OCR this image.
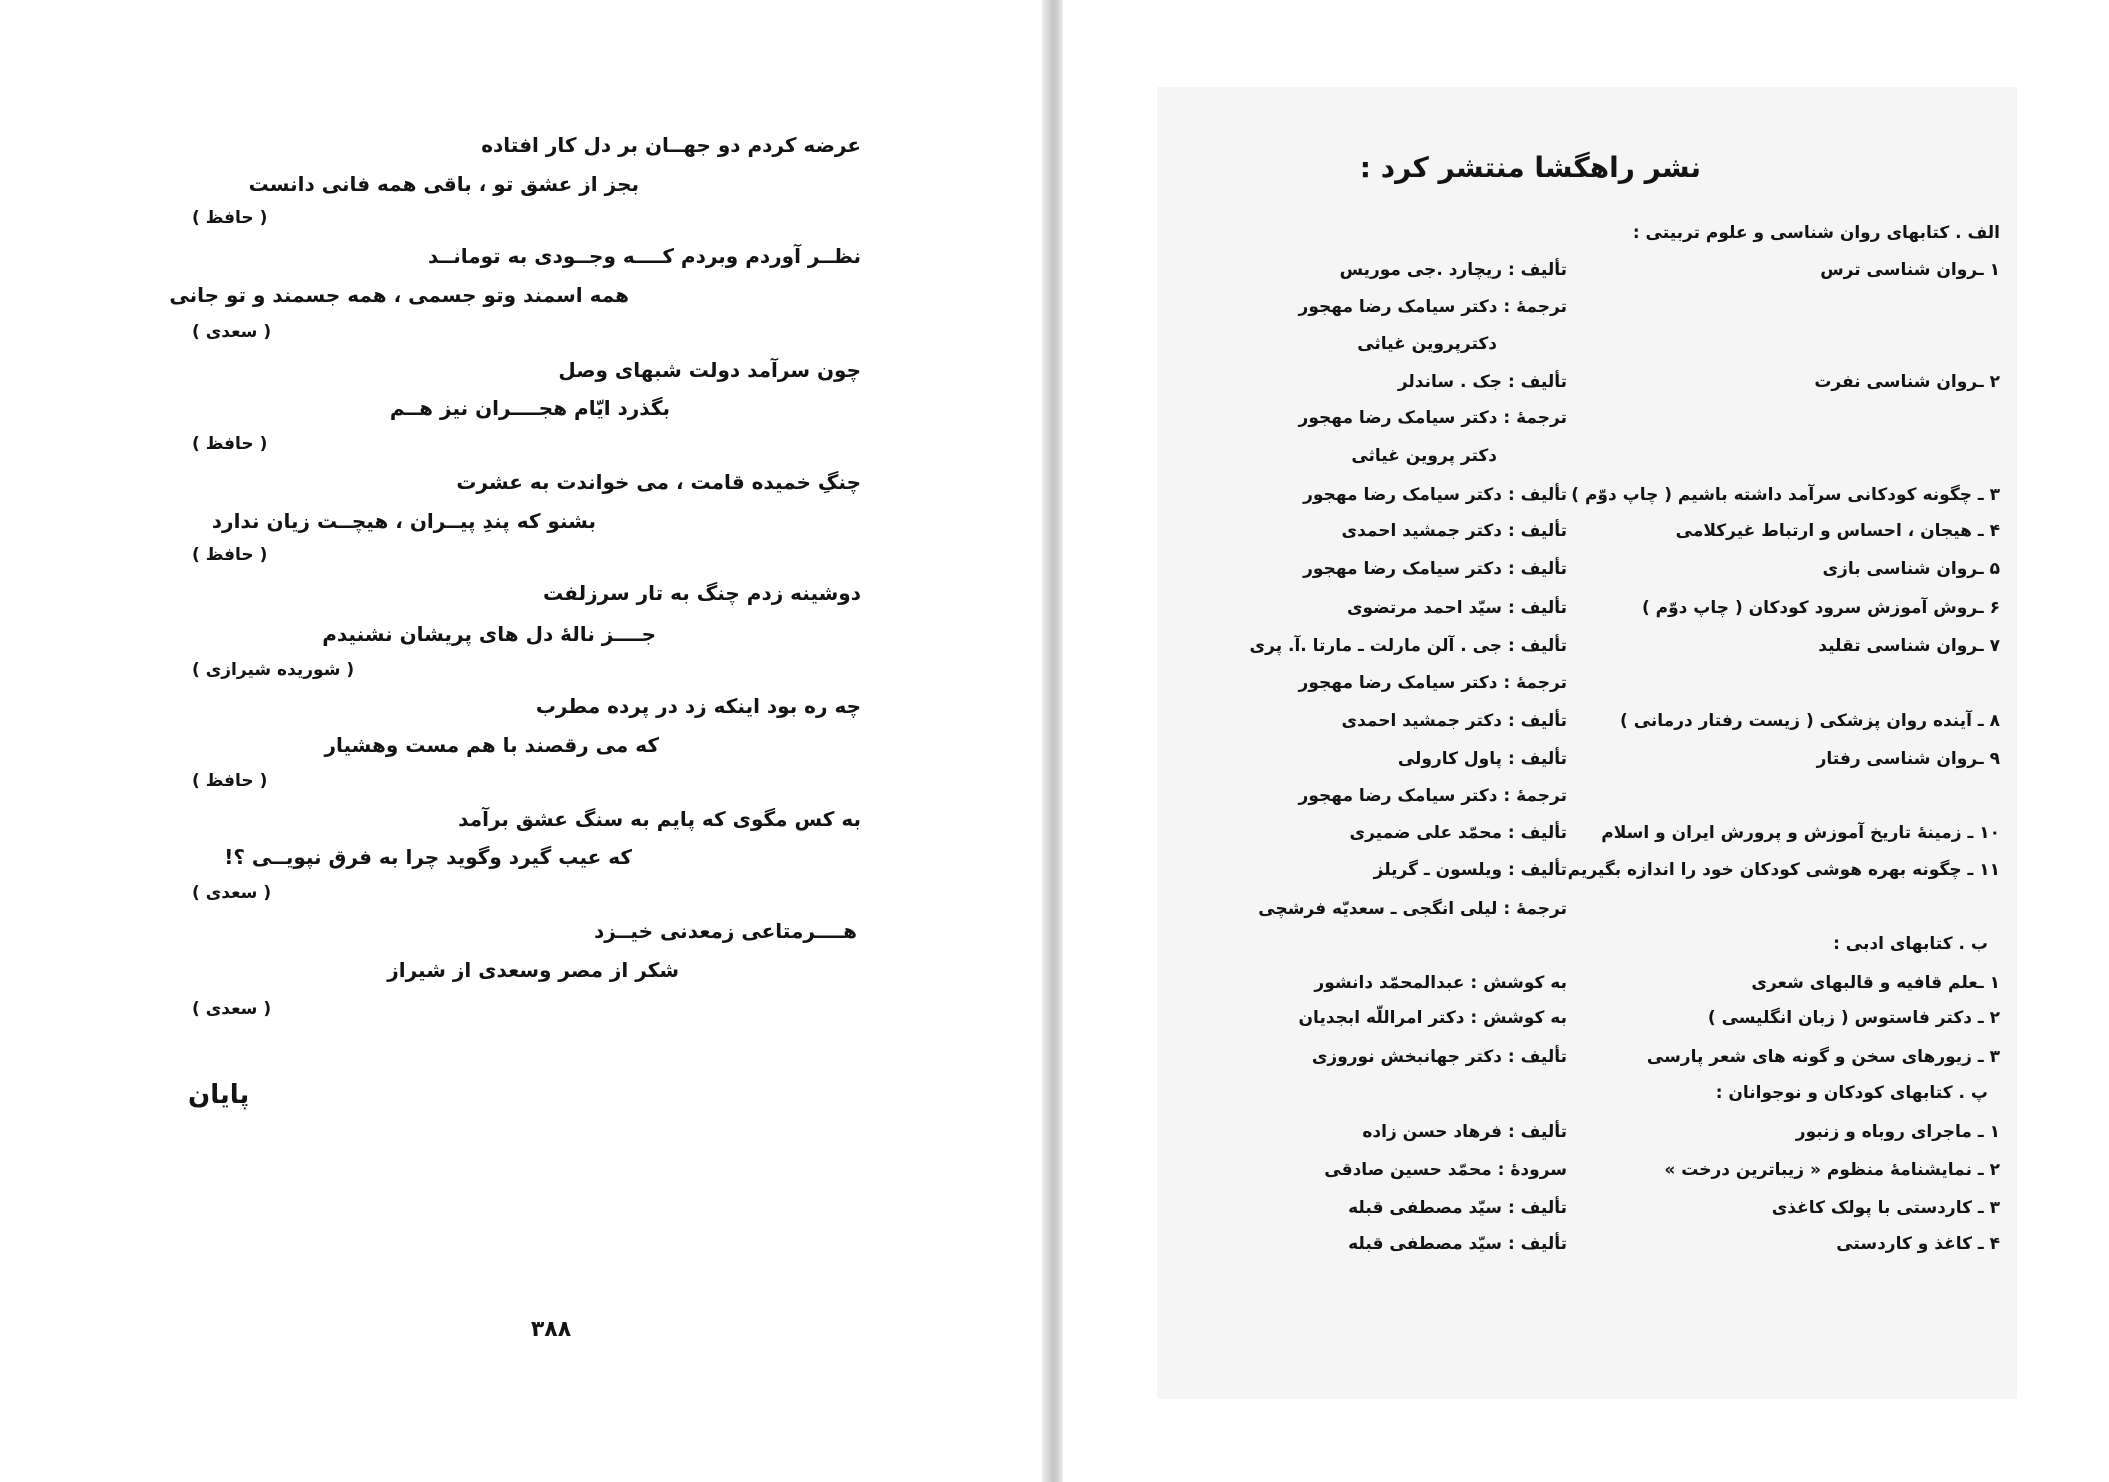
عرضه کردم دو جهــان بر دل کار افتاده
بجز از عشق تو ، باقی همه فانی دانست
( حافظ )
نظــر آوردم وبردم کــــه وجــودی به تومانــد
همه اسمند وتو جسمی ، همه جسمند و تو جانی
( سعدی )
چون سرآمد دولت شبهای وصل
بگذرد ایّام هجــــران نیز هــم
( حافظ )
چنگِ خمیده قامت ، می خواندت به عشرت
بشنو که پندِ پیــران ، هیچــت زیان ندارد
( حافظ )
دوشینه زدم چنگ به تار سرزلفت
جــــز نالهٔ دل های پریشان نشنیدم
( شوریده شیرازی )
چه ره بود اینکه زد در پرده مطرب
که می رقصند با هم مست وهشیار
( حافظ )
به کس مگوی که پایم به سنگ عشق برآمد
که عیب گیرد وگوید چرا به فرق نپویــی ؟!
( سعدی )
هــــرمتاعی زمعدنی خیــزد
شکر از مصر وسعدی از شیراز
( سعدی )
پایان
۳۸۸
نشر راهگشا منتشر کرد :
الف . کتابهای روان شناسی و علوم تربیتی :
۱ ـروان شناسی ترس
تألیف : ریچارد .جی موریس
ترجمهٔ : دکتر سیامک رضا مهجور
دکترپروین غیاثی
۲ ـروان شناسی نفرت
تألیف : جک . ساندلر
ترجمهٔ : دکتر سیامک رضا مهجور
دکتر پروین غیاثی
۳ ـ چگونه کودکانی سرآمد داشته باشیم ( چاپ دوّم )
تألیف : دکتر سیامک رضا مهجور
۴ ـ هیجان ، احساس و ارتباط غیرکلامی
تألیف : دکتر جمشید احمدی
۵ ـروان شناسی بازی
تألیف : دکتر سیامک رضا مهجور
۶ ـروش آموزش سرود کودکان ( چاپ دوّم )
تألیف : سیّد احمد مرتضوی
۷ ـروان شناسی تقلید
تألیف : جی . آلن مارلت ـ مارتا .آ. پری
ترجمهٔ : دکتر سیامک رضا مهجور
۸ ـ آینده روان پزشکی ( زیست رفتار درمانی )
تألیف : دکتر جمشید احمدی
۹ ـروان شناسی رفتار
تألیف : پاول کارولی
ترجمهٔ : دکتر سیامک رضا مهجور
۱۰ ـ زمینهٔ تاریخ آموزش و پرورش ایران و اسلام
تألیف : محمّد علی ضمیری
۱۱ ـ چگونه بهره هوشی کودکان خود را اندازه بگیریم
تألیف : ویلسون ـ گریلز
ترجمهٔ : لیلی انگجی ـ سعدیّه فرشچی
ب . کتابهای ادبی :
۱ ـعلم قافیه و قالبهای شعری
به کوشش : عبدالمحمّد دانشور
۲ ـ دکتر فاستوس ( زبان انگلیسی )
به کوشش : دکتر امراللّه ابجدیان
۳ ـ زیورهای سخن و گونه های شعر پارسی
تألیف : دکتر جهانبخش نوروزی
پ . کتابهای کودکان و نوجوانان :
۱ ـ ماجرای روباه و زنبور
تألیف : فرهاد حسن زاده
۲ ـ نمایشنامهٔ منظوم « زیباترین درخت »
سرودهٔ : محمّد حسین صادقی
۳ ـ کاردستی با پولک کاغذی
تألیف : سیّد مصطفی قبله
۴ ـ کاغذ و کاردستی
تألیف : سیّد مصطفی قبله
